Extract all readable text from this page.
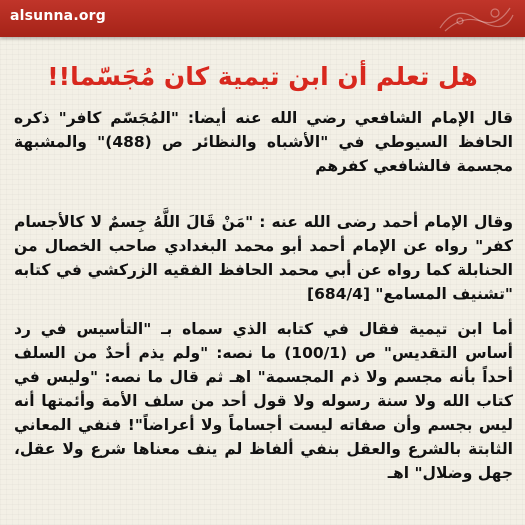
alsunna.org
هل تعلم أن ابن تيمية كان مُجَسّما!!
قال الإمام الشافعي رضي الله عنه أيضا: "المُجَسّم كافر" ذكره الحافظ السيوطي في "الأشباه والنظائر ص (488)" والمشبهة مجسمة فالشافعي كفرهم
وقال الإمام أحمد رضى الله عنه : "مَنْ قَالَ اللَّهُ جِسمٌ لا كالأجسام كفر" رواه عن الإمام أحمد أبو محمد البغدادي صاحب الخصال من الحنابلة كما رواه عن أبي محمد الحافظ الفقيه الزركشي في كتابه "تشنيف المسامع" [684/4]
أما ابن تيمية فقال في كتابه الذي سماه بـ "التأسيس في رد أساس التقديس" ص (100/1) ما نصه: "ولم يذم أحدٌ من السلف أحداً بأنه مجسم ولا ذم المجسمة" اهـ ثم قال ما نصه: "وليس في كتاب الله ولا سنة رسوله ولا قول أحد من سلف الأمة وأئمتها أنه ليس بجسم وأن صفاته ليست أجساماً ولا أعراضاً"! فنفي المعاني الثابتة بالشرع والعقل بنفي ألفاظ لم ينف معناها شرع ولا عقل، جهل وضلال" اهـ
